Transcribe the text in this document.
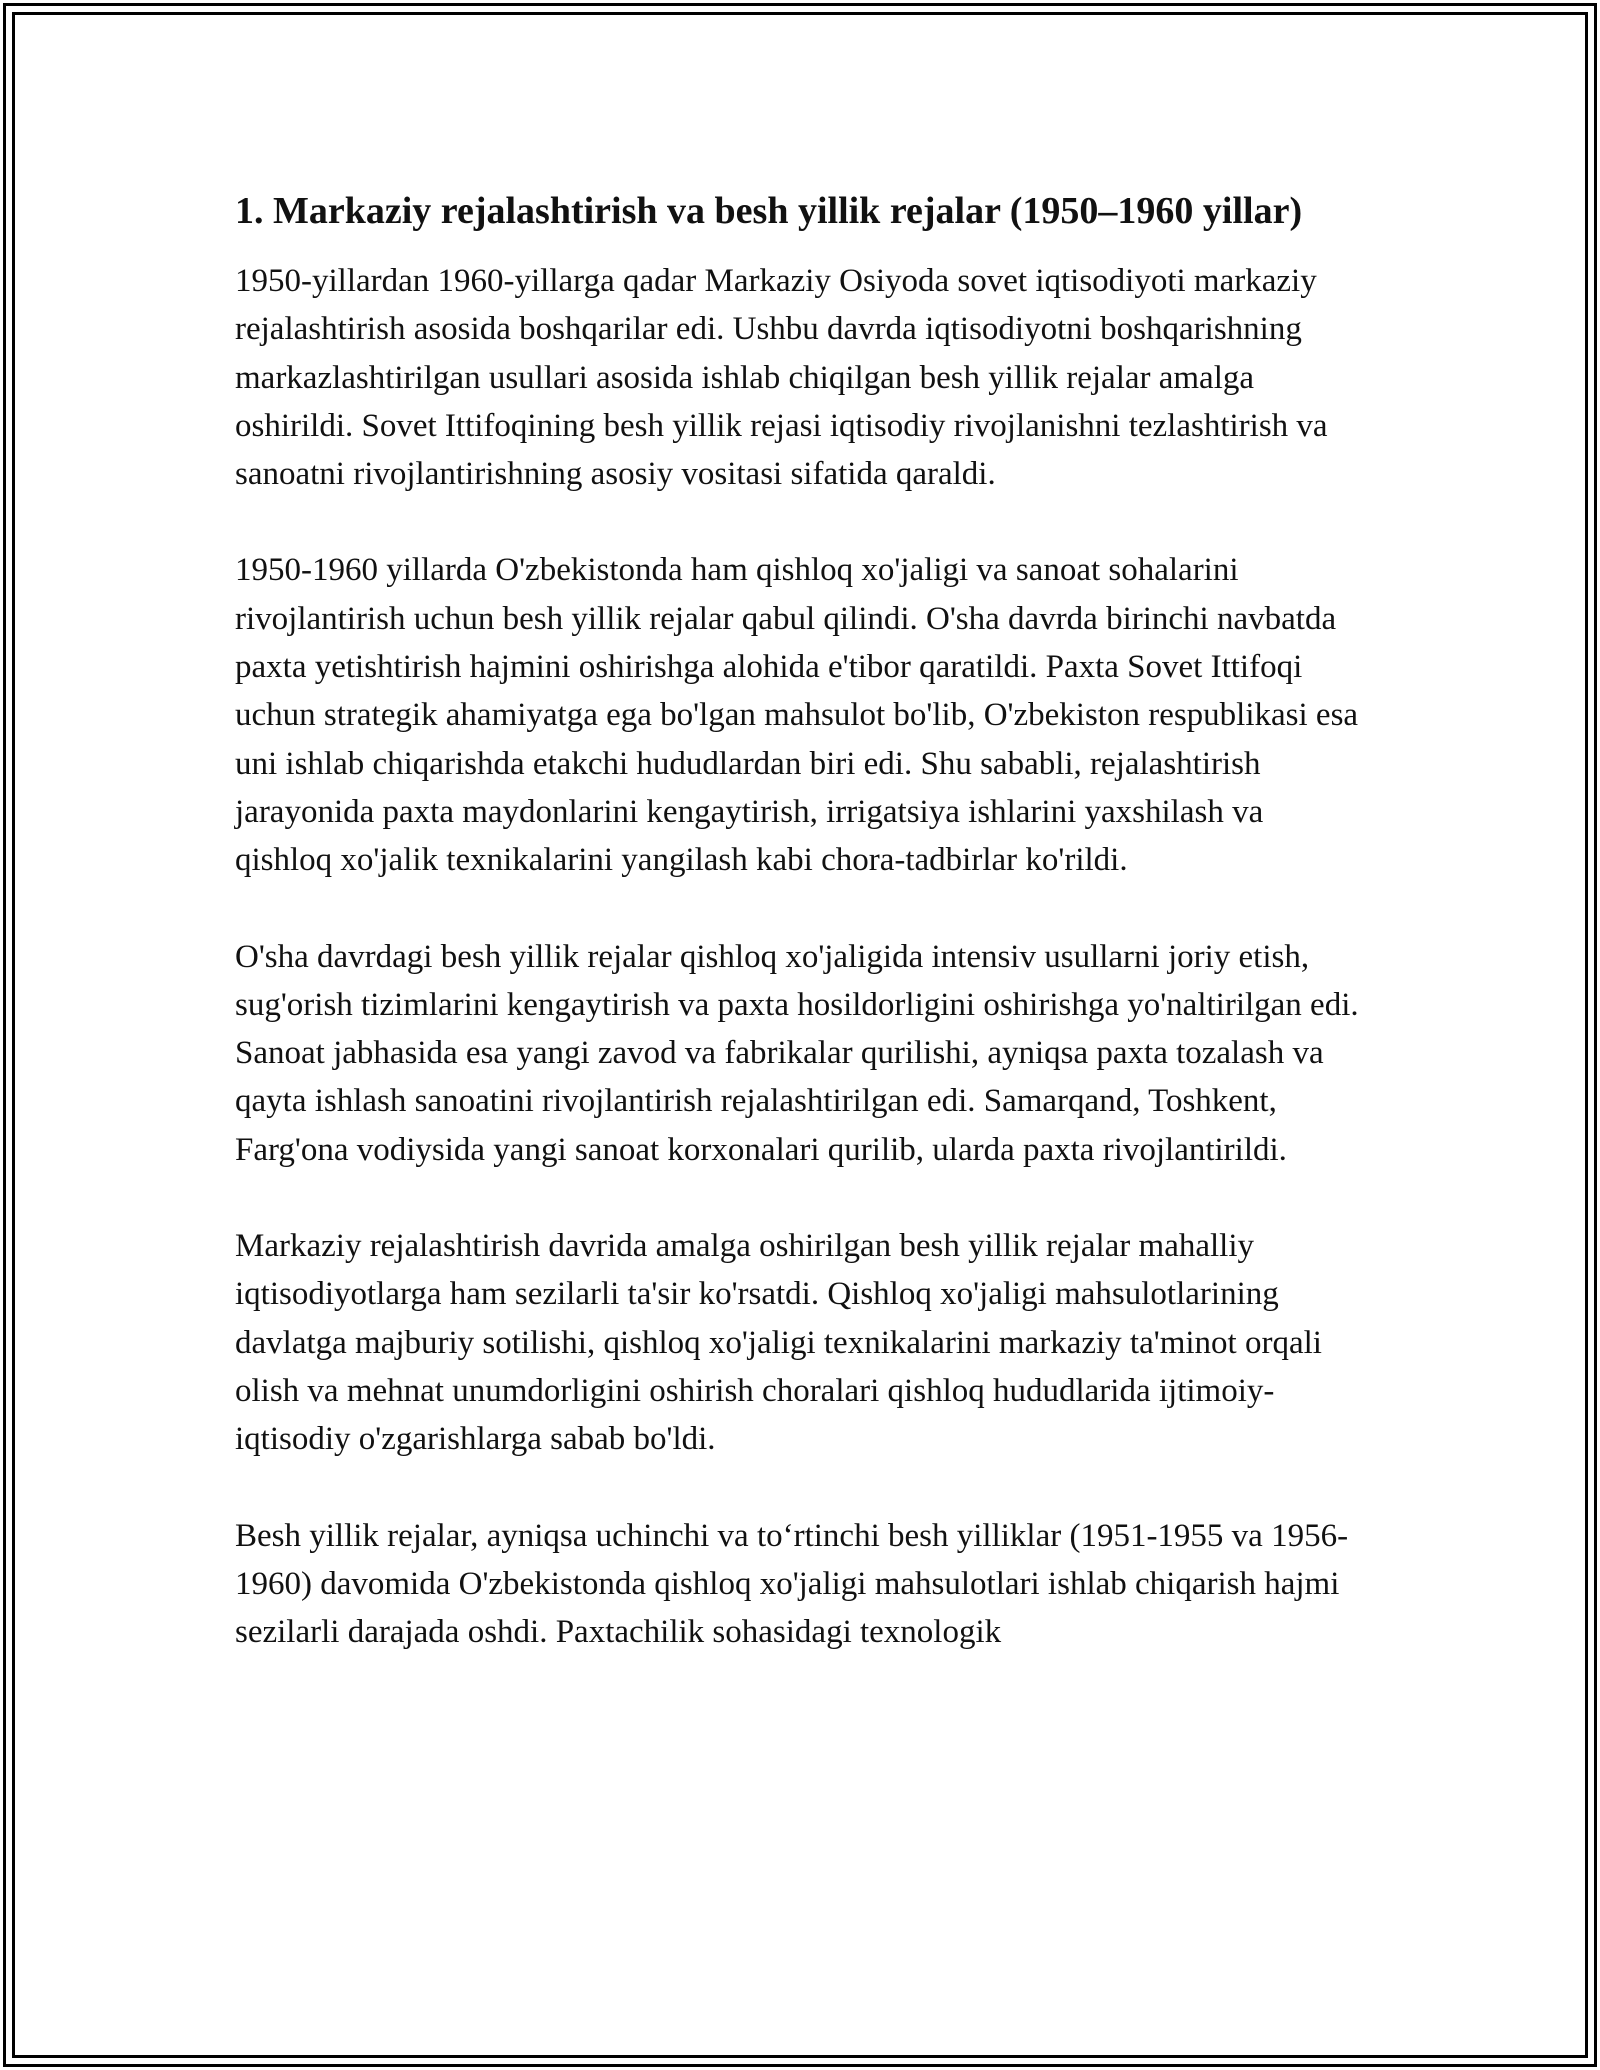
1. Markaziy rejalashtirish va besh yillik rejalar (1950–1960 yillar)

1950-yillardan 1960-yillarga qadar Markaziy Osiyoda sovet iqtisodiyoti markaziy rejalashtirish asosida boshqarilar edi. Ushbu davrda iqtisodiyotni boshqarishning markazlashtirilgan usullari asosida ishlab chiqilgan besh yillik rejalar amalga oshirildi. Sovet Ittifoqining besh yillik rejasi iqtisodiy rivojlanishni tezlashtirish va sanoatni rivojlantirishning asosiy vositasi sifatida qaraldi.

1950-1960 yillarda O'zbekistonda ham qishloq xo'jaligi va sanoat sohalarini rivojlantirish uchun besh yillik rejalar qabul qilindi. O'sha davrda birinchi navbatda paxta yetishtirish hajmini oshirishga alohida e'tibor qaratildi. Paxta Sovet Ittifoqi uchun strategik ahamiyatga ega bo'lgan mahsulot bo'lib, O'zbekiston respublikasi esa uni ishlab chiqarishda etakchi hududlardan biri edi. Shu sababli, rejalashtirish jarayonida paxta maydonlarini kengaytirish, irrigatsiya ishlarini yaxshilash va qishloq xo'jalik texnikalarini yangilash kabi chora-tadbirlar ko'rildi.

O'sha davrdagi besh yillik rejalar qishloq xo'jaligida intensiv usullarni joriy etish, sug'orish tizimlarini kengaytirish va paxta hosildorligini oshirishga yo'naltirilgan edi. Sanoat jabhasida esa yangi zavod va fabrikalar qurilishi, ayniqsa paxta tozalash va qayta ishlash sanoatini rivojlantirish rejalashtirilgan edi. Samarqand, Toshkent, Farg'ona vodiysida yangi sanoat korxonalari qurilib, ularda paxta rivojlantirildi.

Markaziy rejalashtirish davrida amalga oshirilgan besh yillik rejalar mahalliy iqtisodiyotlarga ham sezilarli ta'sir ko'rsatdi. Qishloq xo'jaligi mahsulotlarining davlatga majburiy sotilishi, qishloq xo'jaligi texnikalarini markaziy ta'minot orqali olish va mehnat unumdorligini oshirish choralari qishloq hududlarida ijtimoiy-iqtisodiy o'zgarishlarga sabab bo'ldi.

Besh yillik rejalar, ayniqsa uchinchi va to‘rtinchi besh yilliklar (1951-1955 va 1956-1960) davomida O'zbekistonda qishloq xo'jaligi mahsulotlari ishlab chiqarish hajmi sezilarli darajada oshdi. Paxtachilik sohasidagi texnologik
